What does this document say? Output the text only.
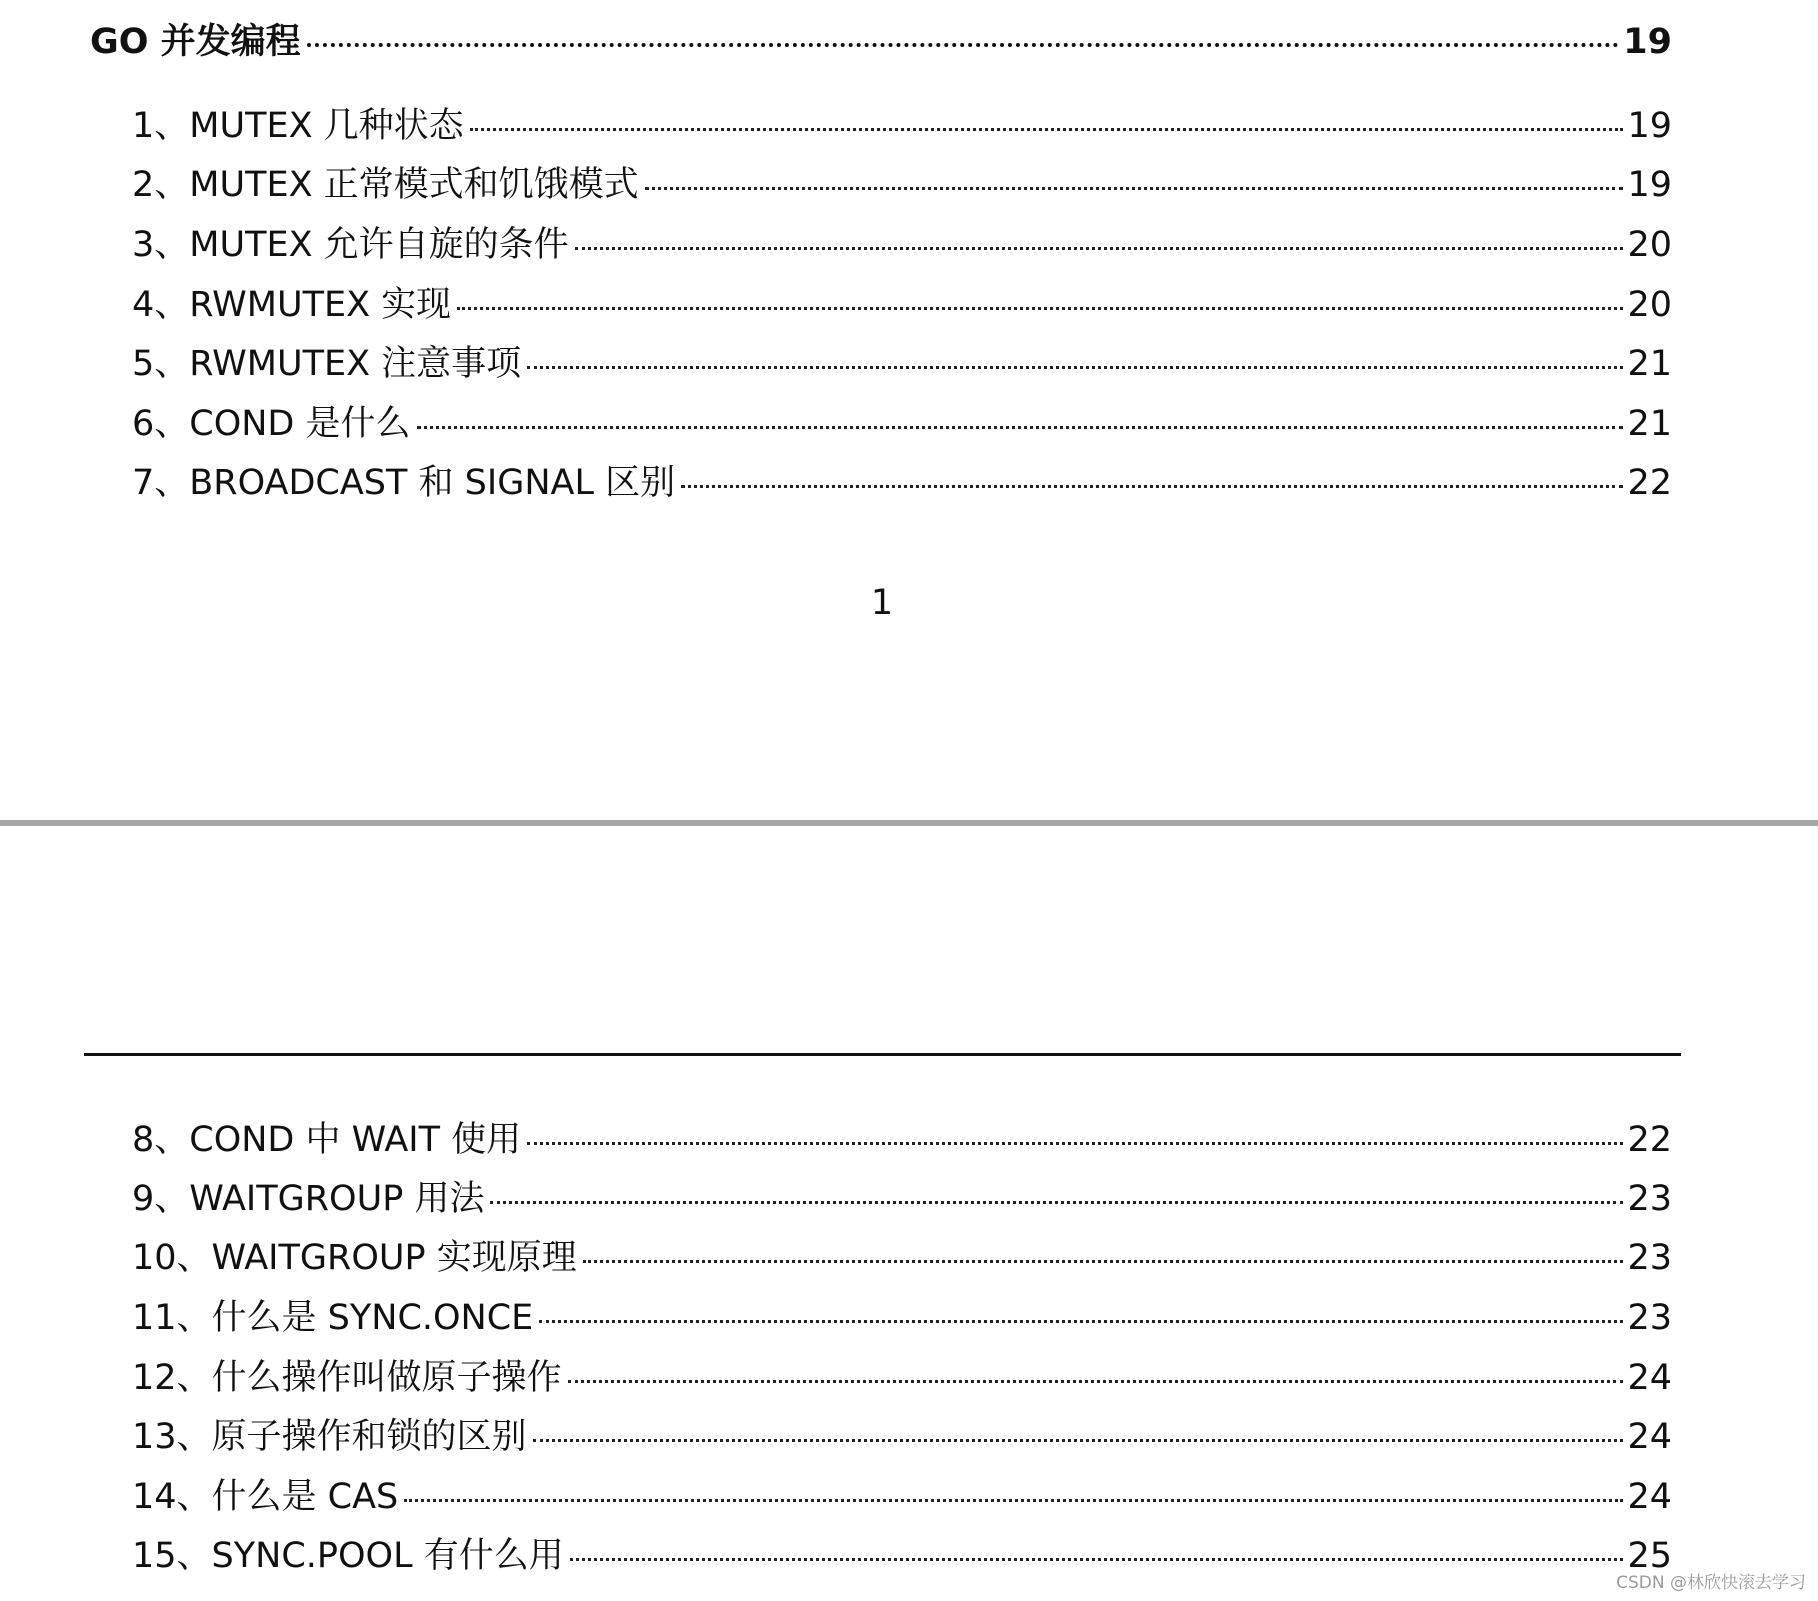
GO 并发编程	19
1、MUTEX 几种状态	19
2、MUTEX 正常模式和饥饿模式	19
3、MUTEX 允许自旋的条件	20
4、RWMUTEX 实现	20
5、RWMUTEX 注意事项	21
6、COND 是什么	21
7、BROADCAST 和 SIGNAL 区别	22
1
8、COND 中 WAIT 使用	22
9、WAITGROUP 用法	23
10、WAITGROUP 实现原理	23
11、什么是 SYNC.ONCE	23
12、什么操作叫做原子操作	24
13、原子操作和锁的区别	24
14、什么是 CAS	24
15、SYNC.POOL 有什么用	25
CSDN @林欣快滚去学习
